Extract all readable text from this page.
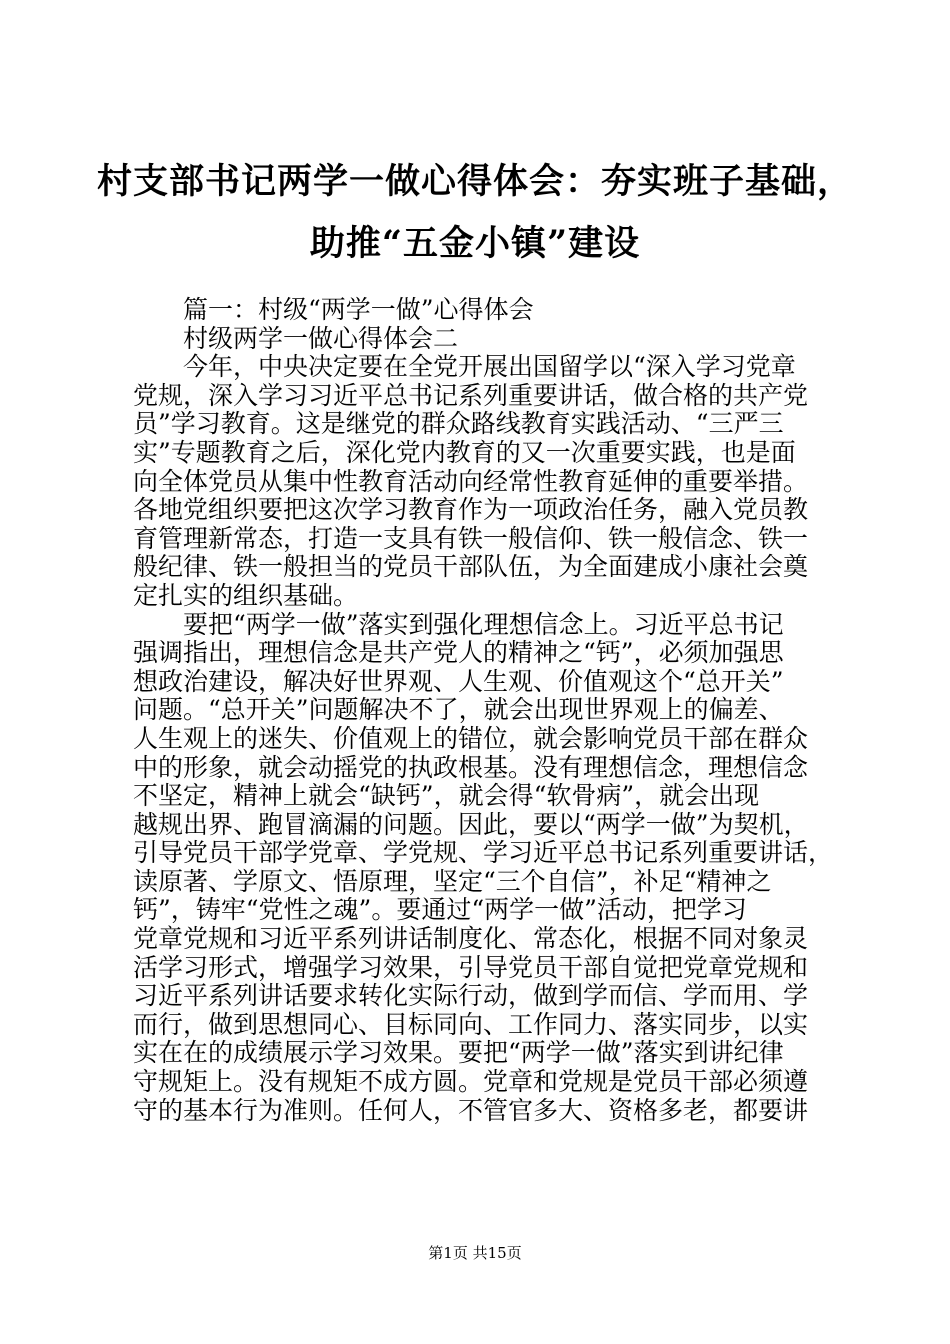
村支部书记两学一做心得体会：夯实班子基础，
助推“五金小镇”建设
篇一：村级“两学一做”心得体会
村级两学一做心得体会二
今年，中央决定要在全党开展出国留学以“深入学习党章
党规，深入学习习近平总书记系列重要讲话，做合格的共产党
员”学习教育。这是继党的群众路线教育实践活动、“三严三
实”专题教育之后，深化党内教育的又一次重要实践，也是面
向全体党员从集中性教育活动向经常性教育延伸的重要举措。
各地党组织要把这次学习教育作为一项政治任务，融入党员教
育管理新常态，打造一支具有铁一般信仰、铁一般信念、铁一
般纪律、铁一般担当的党员干部队伍，为全面建成小康社会奠
定扎实的组织基础。
要把“两学一做”落实到强化理想信念上。习近平总书记
强调指出，理想信念是共产党人的精神之“钙”，必须加强思
想政治建设，解决好世界观、人生观、价值观这个“总开关”
问题。“总开关”问题解决不了，就会出现世界观上的偏差、
人生观上的迷失、价值观上的错位，就会影响党员干部在群众
中的形象，就会动摇党的执政根基。没有理想信念，理想信念
不坚定，精神上就会“缺钙”，就会得“软骨病”，就会出现
越规出界、跑冒滴漏的问题。因此，要以“两学一做”为契机，
引导党员干部学党章、学党规、学习近平总书记系列重要讲话，
读原著、学原文、悟原理，坚定“三个自信”，补足“精神之
钙”，铸牢“党性之魂”。要通过“两学一做”活动，把学习
党章党规和习近平系列讲话制度化、常态化，根据不同对象灵
活学习形式，增强学习效果，引导党员干部自觉把党章党规和
习近平系列讲话要求转化实际行动，做到学而信、学而用、学
而行，做到思想同心、目标同向、工作同力、落实同步，以实
实在在的成绩展示学习效果。要把“两学一做”落实到讲纪律
守规矩上。没有规矩不成方圆。党章和党规是党员干部必须遵
守的基本行为准则。任何人，不管官多大、资格多老，都要讲
第1页 共15页
